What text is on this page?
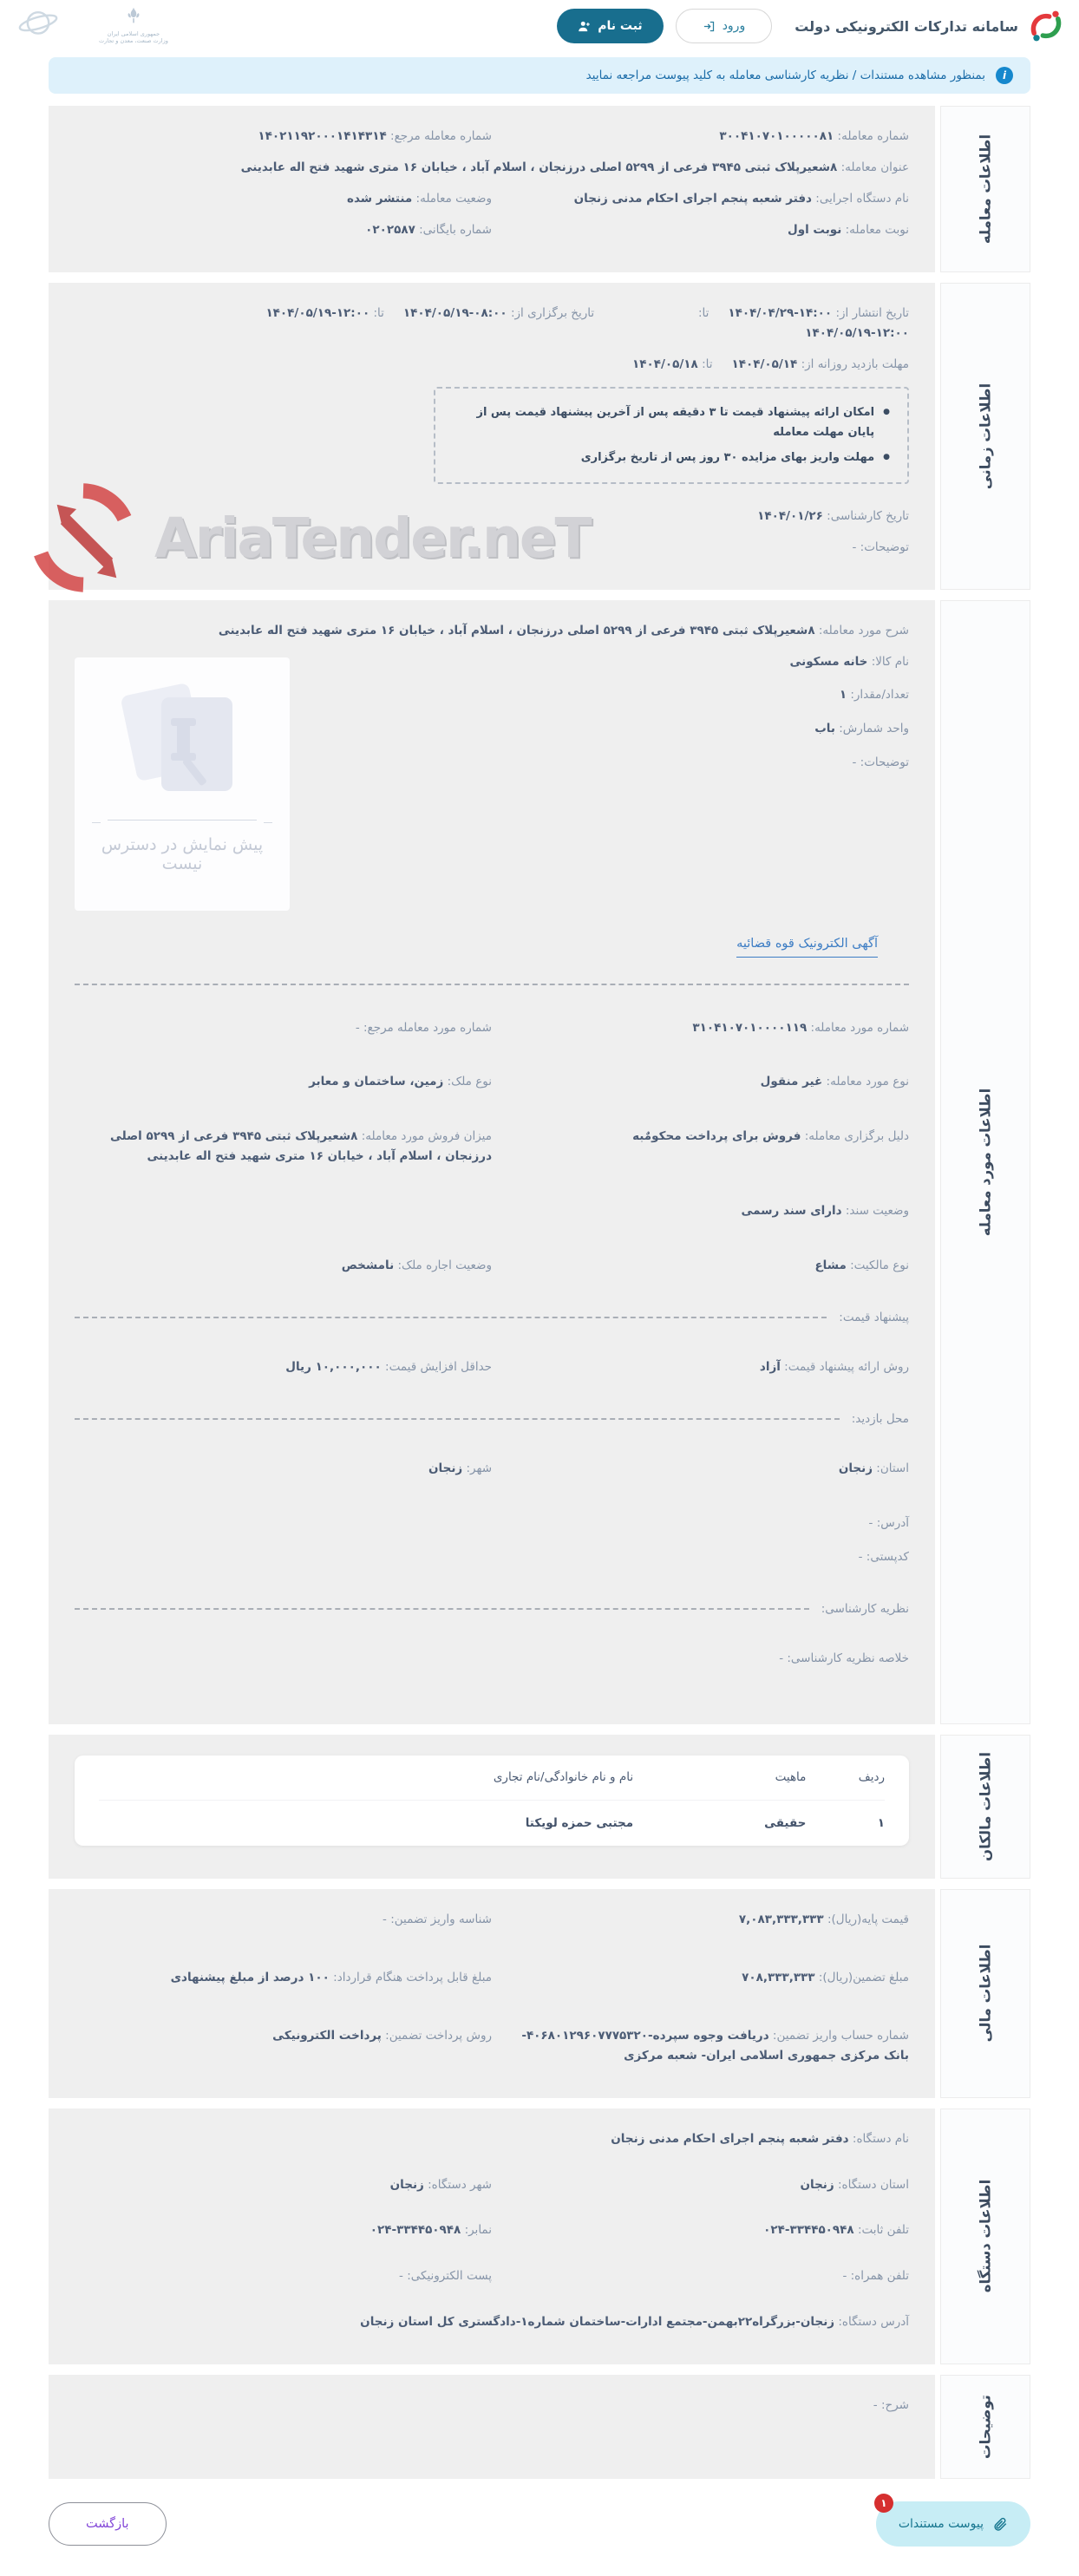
AriaTender.neT
سامانه تدارکات الکترونیکی دولت
ورود
ثبت نام
جمهوری اسلامی ایران
وزارت صنعت، معدن و تجارت
i
بمنظور مشاهده مستندات / نظریه کارشناسی معامله به کلید پیوست مراجعه نمایید
اطلاعات معامله
شماره معامله: ۳۰۰۴۱۰۷۰۱۰۰۰۰۰۸۱
شماره معامله مرجع: ۱۴۰۲۱۱۹۲۰۰۰۱۴۱۴۳۱۴
عنوان معامله: ۸شعیرپلاک ثبتی ۳۹۴۵ فرعی از ۵۲۹۹ اصلی درزنجان ، اسلام آباد ، خیابان ۱۶ متری شهید فتح اله عابدینی
نام دستگاه اجرایی: دفتر شعبه پنجم اجرای احکام مدنی زنجان
وضعیت معامله: منتشر شده
نوبت معامله: نوبت اول
شماره بایگانی: ۰۲۰۲۵۸۷
اطلاعات زمانی
تاریخ انتشار از: ۱۴۰۴/۰۴/۲۹-۱۴:۰۰تا: ۱۴۰۴/۰۵/۱۹-۱۲:۰۰
تاریخ برگزاری از: ۱۴۰۴/۰۵/۱۹-۰۸:۰۰تا: ۱۴۰۴/۰۵/۱۹-۱۲:۰۰
مهلت بازدید روزانه از: ۱۴۰۴/۰۵/۱۴تا: ۱۴۰۴/۰۵/۱۸
●
امکان ارائه پیشنهاد قیمت تا ۳ دقیقه پس از آخرین پیشنهاد قیمت پس از پایان مهلت معامله
●
مهلت واریز بهای مزایده ۳۰ روز پس از تاریخ برگزاری
تاریخ کارشناسی: ۱۴۰۴/۰۱/۲۶
توضیحات: -
اطلاعات مورد معامله
شرح مورد معامله: ۸شعیرپلاک ثبتی ۳۹۴۵ فرعی از ۵۲۹۹ اصلی درزنجان ، اسلام آباد ، خیابان ۱۶ متری شهید فتح اله عابدینی
نام کالا: خانه مسکونی
تعداد/مقدار: ۱
واحد شمارش: باب
توضیحات: -
پیش نمایش در دسترس نیست
آگهی الکترونیک قوه قضائیه
شماره مورد معامله: ۳۱۰۴۱۰۷۰۱۰۰۰۰۱۱۹
شماره مورد معامله مرجع: -
نوع مورد معامله: غیر منقول
نوع ملک: زمین، ساختمان و معابر
دلیل برگزاری معامله: فروش برای پرداخت محکومٌبه
میزان فروش مورد معامله: ۸شعیرپلاک ثبتی ۳۹۴۵ فرعی از ۵۲۹۹ اصلی درزنجان ، اسلام آباد ، خیابان ۱۶ متری شهید فتح اله عابدینی
وضعیت سند: دارای سند رسمی
نوع مالکیت: مشاع
وضعیت اجاره ملک: نامشخص
پیشنهاد قیمت:
روش ارائه پیشنهاد قیمت: آزاد
حداقل افزایش قیمت: ۱۰,۰۰۰,۰۰۰ ریال
محل بازدید:
استان: زنجان
شهر: زنجان
آدرس: -
کدپستی: -
نظریه کارشناسی:
خلاصه نظریه کارشناسی: -
اطلاعات مالکان
ردیف
ماهیت
نام و نام خانوادگی/نام تجاری
۱
حقیقی
مجتبی حمزه لویکتا
اطلاعات مالی
قیمت پایه(ریال): ۷,۰۸۳,۳۳۳,۳۳۳
شناسه واریز تضمین: -
مبلغ تضمین(ریال): ۷۰۸,۳۳۳,۳۳۳
مبلغ قابل پرداخت هنگام قرارداد: ۱۰۰ درصد از مبلغ پیشنهادی
شماره حساب واریز تضمین: دریافت وجوه سپرده-۴۰۶۸۰۱۲۹۶۰۷۷۷۵۳۲۰- بانک مرکزی جمهوری اسلامی ایران- شعبه مرکزی
روش پرداخت تضمین: پرداخت الکترونیکی
اطلاعات دستگاه
نام دستگاه: دفتر شعبه پنجم اجرای احکام مدنی زنجان
استان دستگاه: زنجان
شهر دستگاه: زنجان
تلفن ثابت: ۰۲۴-۳۳۴۴۵۰۹۴۸
نمابر: ۰۲۴-۳۳۴۴۵۰۹۴۸
تلفن همراه: -
پست الکترونیکی: -
آدرس دستگاه: زنجان-بزرگراه۲۲بهمن-مجتمع ادارات-ساختمان شماره۱-دادگستری کل استان زنجان
توضیحات
شرح: -
۱
پیوست مستندات
بازگشت
